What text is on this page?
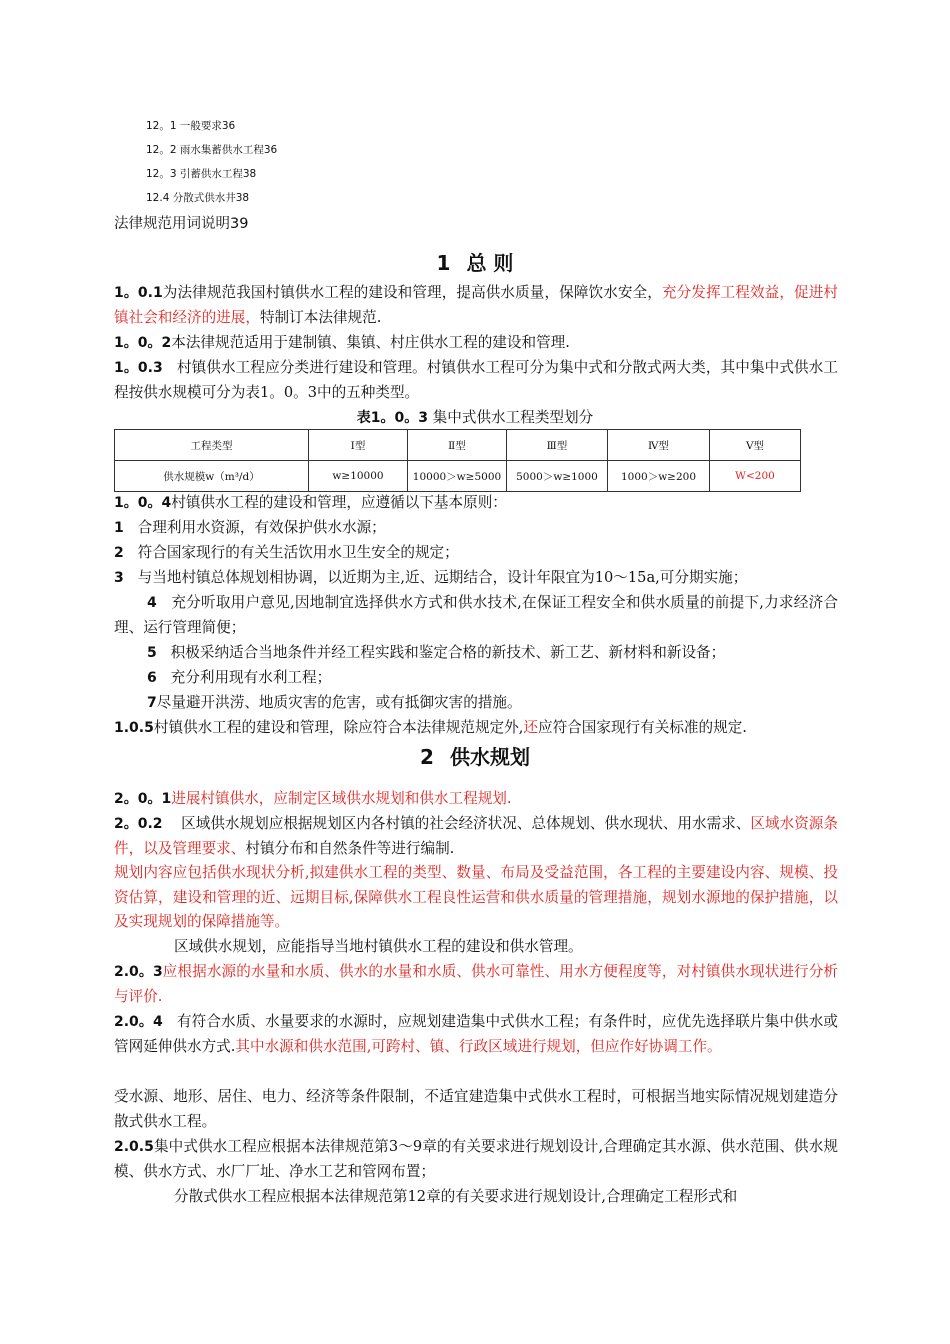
12。1 一般要求36
12。2 雨水集蓄供水工程36
12。3 引蓄供水工程38
12.4 分散式供水井38
法律规范用词说明39
1 总 则
1。0.1为法律规范我国村镇供水工程的建设和管理，提高供水质量，保障饮水安全，充分发挥工程效益，促进村镇社会和经济的进展，特制订本法律规范.
1。0。2本法律规范适用于建制镇、集镇、村庄供水工程的建设和管理.
1。0.3 村镇供水工程应分类进行建设和管理。村镇供水工程可分为集中式和分散式两大类，其中集中式供水工程按供水规模可分为表1。0。3中的五种类型。
表1。0。3 集中式供水工程类型划分
工程类型	Ⅰ型	Ⅱ型	Ⅲ型	Ⅳ型	Ⅴ型
供水规模w（m³/d）	w≥10000	10000＞w≥5000	5000＞w≥1000	1000＞w≥200	W<200
1。0。4村镇供水工程的建设和管理，应遵循以下基本原则：
1 合理利用水资源，有效保护供水水源；
2 符合国家现行的有关生活饮用水卫生安全的规定；
3 与当地村镇总体规划相协调，以近期为主,近、远期结合，设计年限宜为10～15a,可分期实施；
4 充分听取用户意见,因地制宜选择供水方式和供水技术,在保证工程安全和供水质量的前提下,力求经济合理、运行管理简便；
5 积极采纳适合当地条件并经工程实践和鉴定合格的新技术、新工艺、新材料和新设备；
6 充分利用现有水利工程；
7尽量避开洪涝、地质灾害的危害，或有抵御灾害的措施。
1.0.5村镇供水工程的建设和管理，除应符合本法律规范规定外,还应符合国家现行有关标准的规定.
2 供水规划
2。0。1进展村镇供水，应制定区域供水规划和供水工程规划.
2。0.2 区域供水规划应根据规划区内各村镇的社会经济状况、总体规划、供水现状、用水需求、区域水资源条件，以及管理要求、村镇分布和自然条件等进行编制.
规划内容应包括供水现状分析,拟建供水工程的类型、数量、布局及受益范围，各工程的主要建设内容、规模、投资估算，建设和管理的近、远期目标,保障供水工程良性运营和供水质量的管理措施，规划水源地的保护措施，以及实现规划的保障措施等。
区域供水规划，应能指导当地村镇供水工程的建设和供水管理。
2.0。3应根据水源的水量和水质、供水的水量和水质、供水可靠性、用水方便程度等，对村镇供水现状进行分析与评价.
2.0。4 有符合水质、水量要求的水源时，应规划建造集中式供水工程；有条件时，应优先选择联片集中供水或管网延伸供水方式.其中水源和供水范围,可跨村、镇、行政区域进行规划，但应作好协调工作。
受水源、地形、居住、电力、经济等条件限制，不适宜建造集中式供水工程时，可根据当地实际情况规划建造分散式供水工程。
2.0.5集中式供水工程应根据本法律规范第3～9章的有关要求进行规划设计,合理确定其水源、供水范围、供水规模、供水方式、水厂厂址、净水工艺和管网布置；
分散式供水工程应根据本法律规范第12章的有关要求进行规划设计,合理确定工程形式和
